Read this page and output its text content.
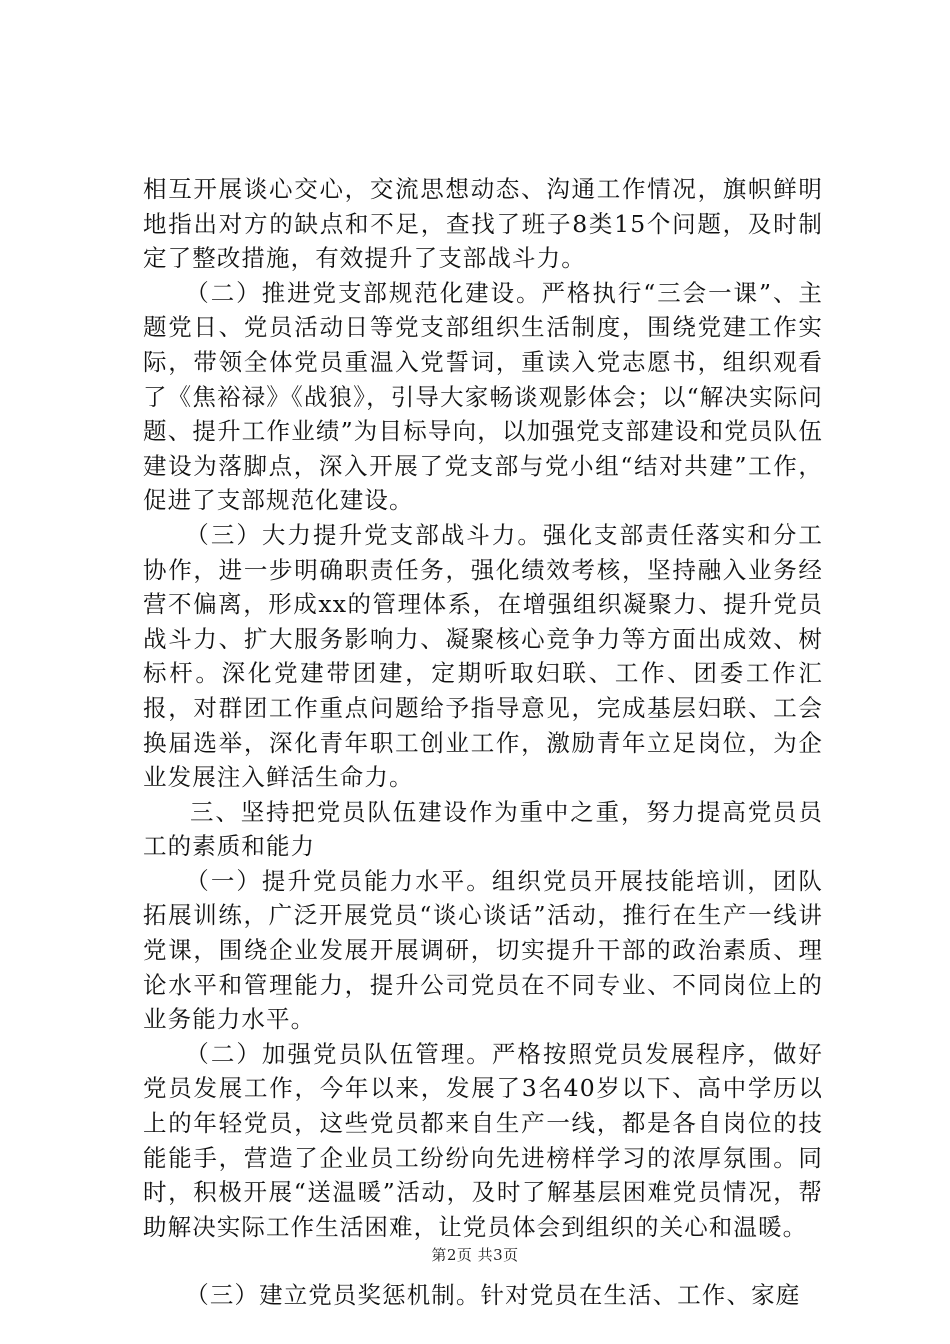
相互开展谈心交心，交流思想动态、沟通工作情况，旗帜鲜明地指出对方的缺点和不足，查找了班子8类15个问题，及时制定了整改措施，有效提升了支部战斗力。

（二）推进党支部规范化建设。严格执行“三会一课”、主题党日、党员活动日等党支部组织生活制度，围绕党建工作实际，带领全体党员重温入党誓词，重读入党志愿书，组织观看了《焦裕禄》《战狼》，引导大家畅谈观影体会；以“解决实际问题、提升工作业绩”为目标导向，以加强党支部建设和党员队伍建设为落脚点，深入开展了党支部与党小组“结对共建”工作，促进了支部规范化建设。

（三）大力提升党支部战斗力。强化支部责任落实和分工协作，进一步明确职责任务，强化绩效考核，坚持融入业务经营不偏离，形成xx的管理体系，在增强组织凝聚力、提升党员战斗力、扩大服务影响力、凝聚核心竞争力等方面出成效、树标杆。深化党建带团建，定期听取妇联、工作、团委工作汇报，对群团工作重点问题给予指导意见，完成基层妇联、工会换届选举，深化青年职工创业工作，激励青年立足岗位，为企业发展注入鲜活生命力。

三、坚持把党员队伍建设作为重中之重，努力提高党员员工的素质和能力

（一）提升党员能力水平。组织党员开展技能培训，团队拓展训练，广泛开展党员“谈心谈话”活动，推行在生产一线讲党课，围绕企业发展开展调研，切实提升干部的政治素质、理论水平和管理能力，提升公司党员在不同专业、不同岗位上的业务能力水平。

（二）加强党员队伍管理。严格按照党员发展程序，做好党员发展工作，今年以来，发展了3名40岁以下、高中学历以上的年轻党员，这些党员都来自生产一线，都是各自岗位的技能能手，营造了企业员工纷纷向先进榜样学习的浓厚氛围。同时，积极开展“送温暖”活动，及时了解基层困难党员情况，帮助解决实际工作生活困难，让党员体会到组织的关心和温暖。

（三）建立党员奖惩机制。针对党员在生活、工作、家庭

第2页 共3页
